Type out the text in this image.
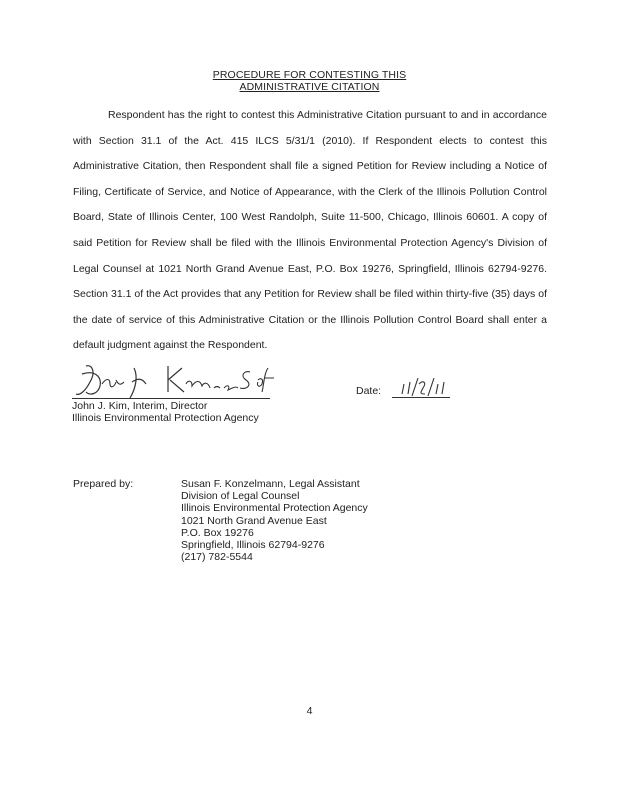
PROCEDURE FOR CONTESTING THIS
ADMINISTRATIVE CITATION

Respondent has the right to contest this Administrative Citation pursuant to and in accordance with Section 31.1 of the Act. 415 ILCS 5/31/1 (2010). If Respondent elects to contest this Administrative Citation, then Respondent shall file a signed Petition for Review including a Notice of Filing, Certificate of Service, and Notice of Appearance, with the Clerk of the Illinois Pollution Control Board, State of Illinois Center, 100 West Randolph, Suite 11-500, Chicago, Illinois 60601. A copy of said Petition for Review shall be filed with the Illinois Environmental Protection Agency's Division of Legal Counsel at 1021 North Grand Avenue East, P.O. Box 19276, Springfield, Illinois 62794-9276. Section 31.1 of the Act provides that any Petition for Review shall be filed within thirty-five (35) days of the date of service of this Administrative Citation or the Illinois Pollution Control Board shall enter a default judgment against the Respondent.

John J. Kim, Interim, Director
Illinois Environmental Protection Agency
Date:
Prepared by:	Susan F. Konzelmann, Legal Assistant
Division of Legal Counsel
Illinois Environmental Protection Agency
1021 North Grand Avenue East
P.O. Box 19276
Springfield, Illinois 62794-9276
(217) 782-5544
4
